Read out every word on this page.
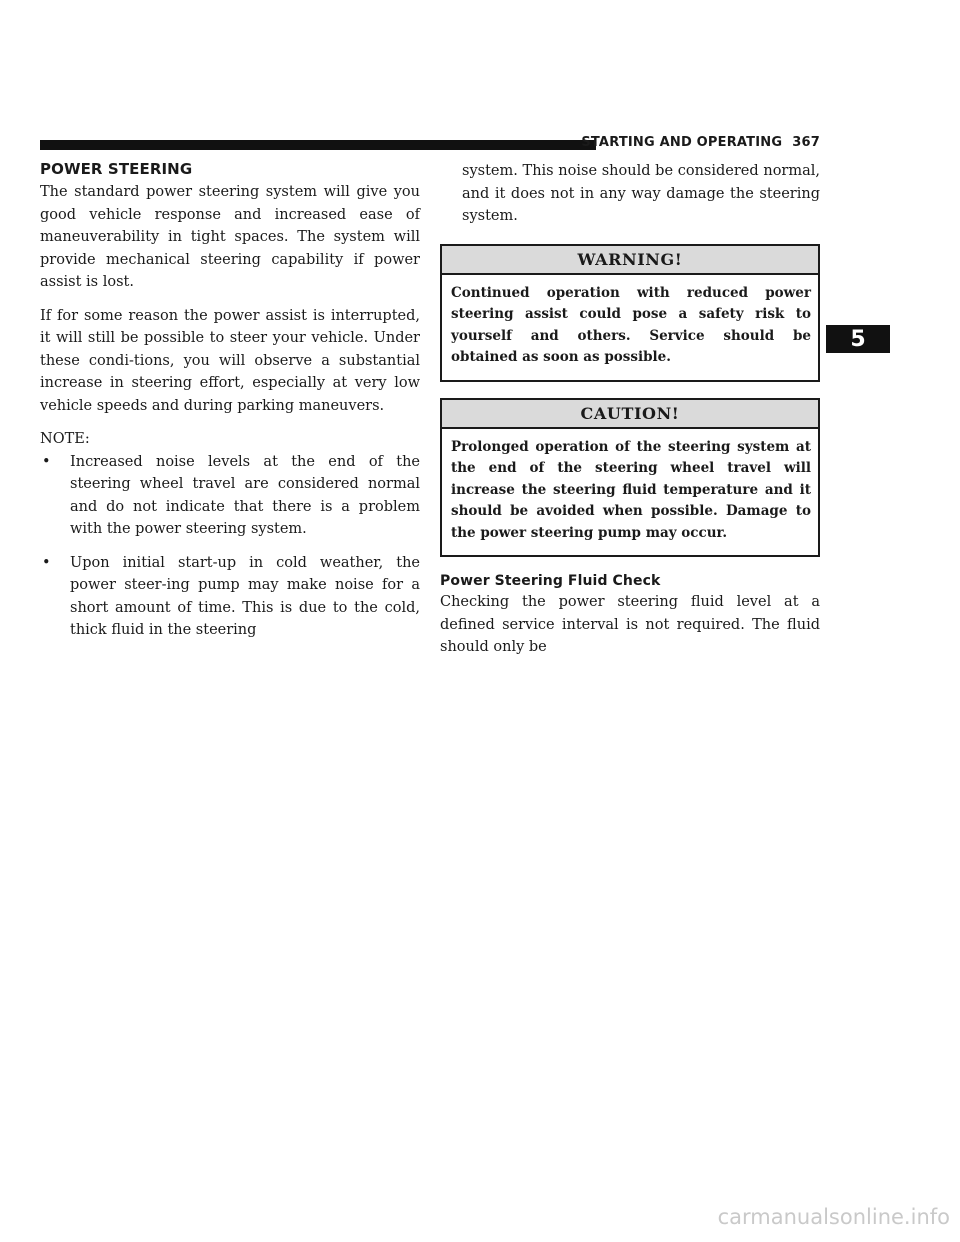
STARTING AND OPERATING 367
POWER STEERING

The standard power steering system will give you good vehicle response and increased ease of maneuverability in tight spaces. The system will provide mechanical steering capability if power assist is lost.

If for some reason the power assist is interrupted, it will still be possible to steer your vehicle. Under these condi-tions, you will observe a substantial increase in steering effort, especially at very low vehicle speeds and during parking maneuvers.

NOTE:
• Increased noise levels at the end of the steering wheel travel are considered normal and do not indicate that there is a problem with the power steering system.
• Upon initial start-up in cold weather, the power steer-ing pump may make noise for a short amount of time. This is due to the cold, thick fluid in the steering

system. This noise should be considered normal, and it does not in any way damage the steering system.

WARNING!
Continued operation with reduced power steering assist could pose a safety risk to yourself and others. Service should be obtained as soon as possible.
CAUTION!
Prolonged operation of the steering system at the end of the steering wheel travel will increase the steering fluid temperature and it should be avoided when possible. Damage to the power steering pump may occur.
Power Steering Fluid Check

Checking the power steering fluid level at a defined service interval is not required. The fluid should only be

5
carmanualsonline.info
